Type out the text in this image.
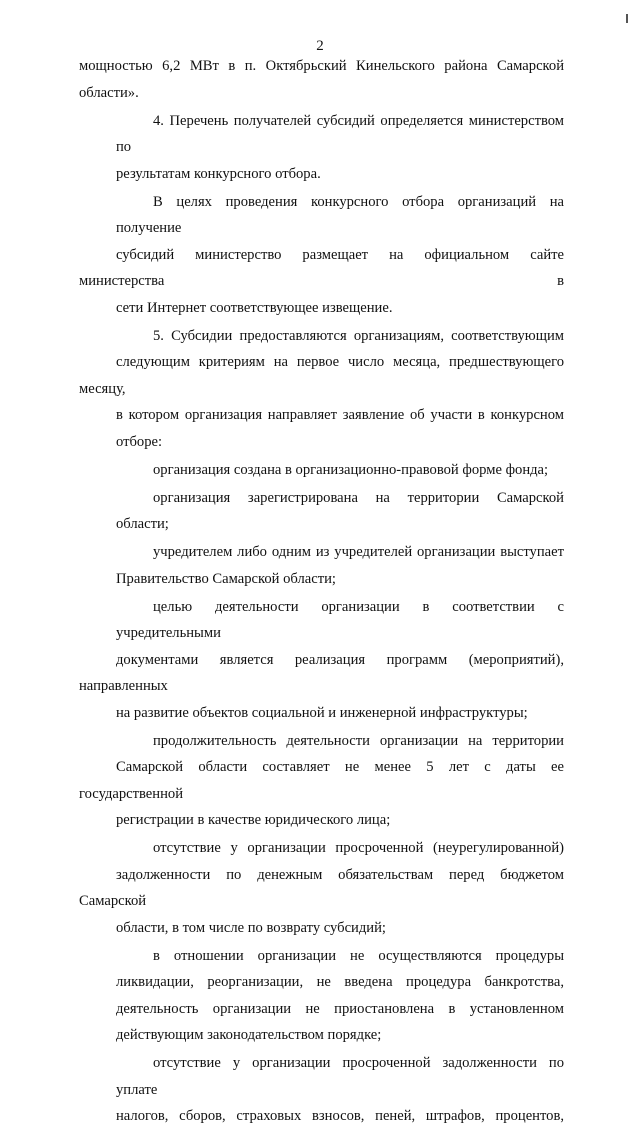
2
мощностью 6,2 МВт в п. Октябрьский Кинельского района Самарской
области».
4. Перечень получателей субсидий определяется министерством по
результатам конкурсного отбора.
В целях проведения конкурсного отбора организаций на получение
субсидий министерство размещает на официальном сайте министерства в
сети Интернет соответствующее извещение.
5. Субсидии предоставляются организациям, соответствующим
следующим критериям на первое число месяца, предшествующего месяцу,
в котором организация направляет заявление об участи в конкурсном
отборе:
организация создана в организационно-правовой форме фонда;
организация зарегистрирована на территории Самарской области;
учредителем либо одним из учредителей организации выступает
Правительство Самарской области;
целью деятельности организации в соответствии с учредительными
документами является реализация программ (мероприятий), направленных
на развитие объектов социальной и инженерной инфраструктуры;
продолжительность деятельности организации на территории
Самарской области составляет не менее 5 лет с даты ее государственной
регистрации в качестве юридического лица;
отсутствие у организации просроченной (неурегулированной)
задолженности по денежным обязательствам перед бюджетом Самарской
области, в том числе по возврату субсидий;
в отношении организации не осуществляются процедуры
ликвидации, реорганизации, не введена процедура банкротства,
деятельность организации не приостановлена в установленном
действующим законодательством порядке;
отсутствие у организации просроченной задолженности по уплате
налогов, сборов, страховых взносов, пеней, штрафов, процентов,
